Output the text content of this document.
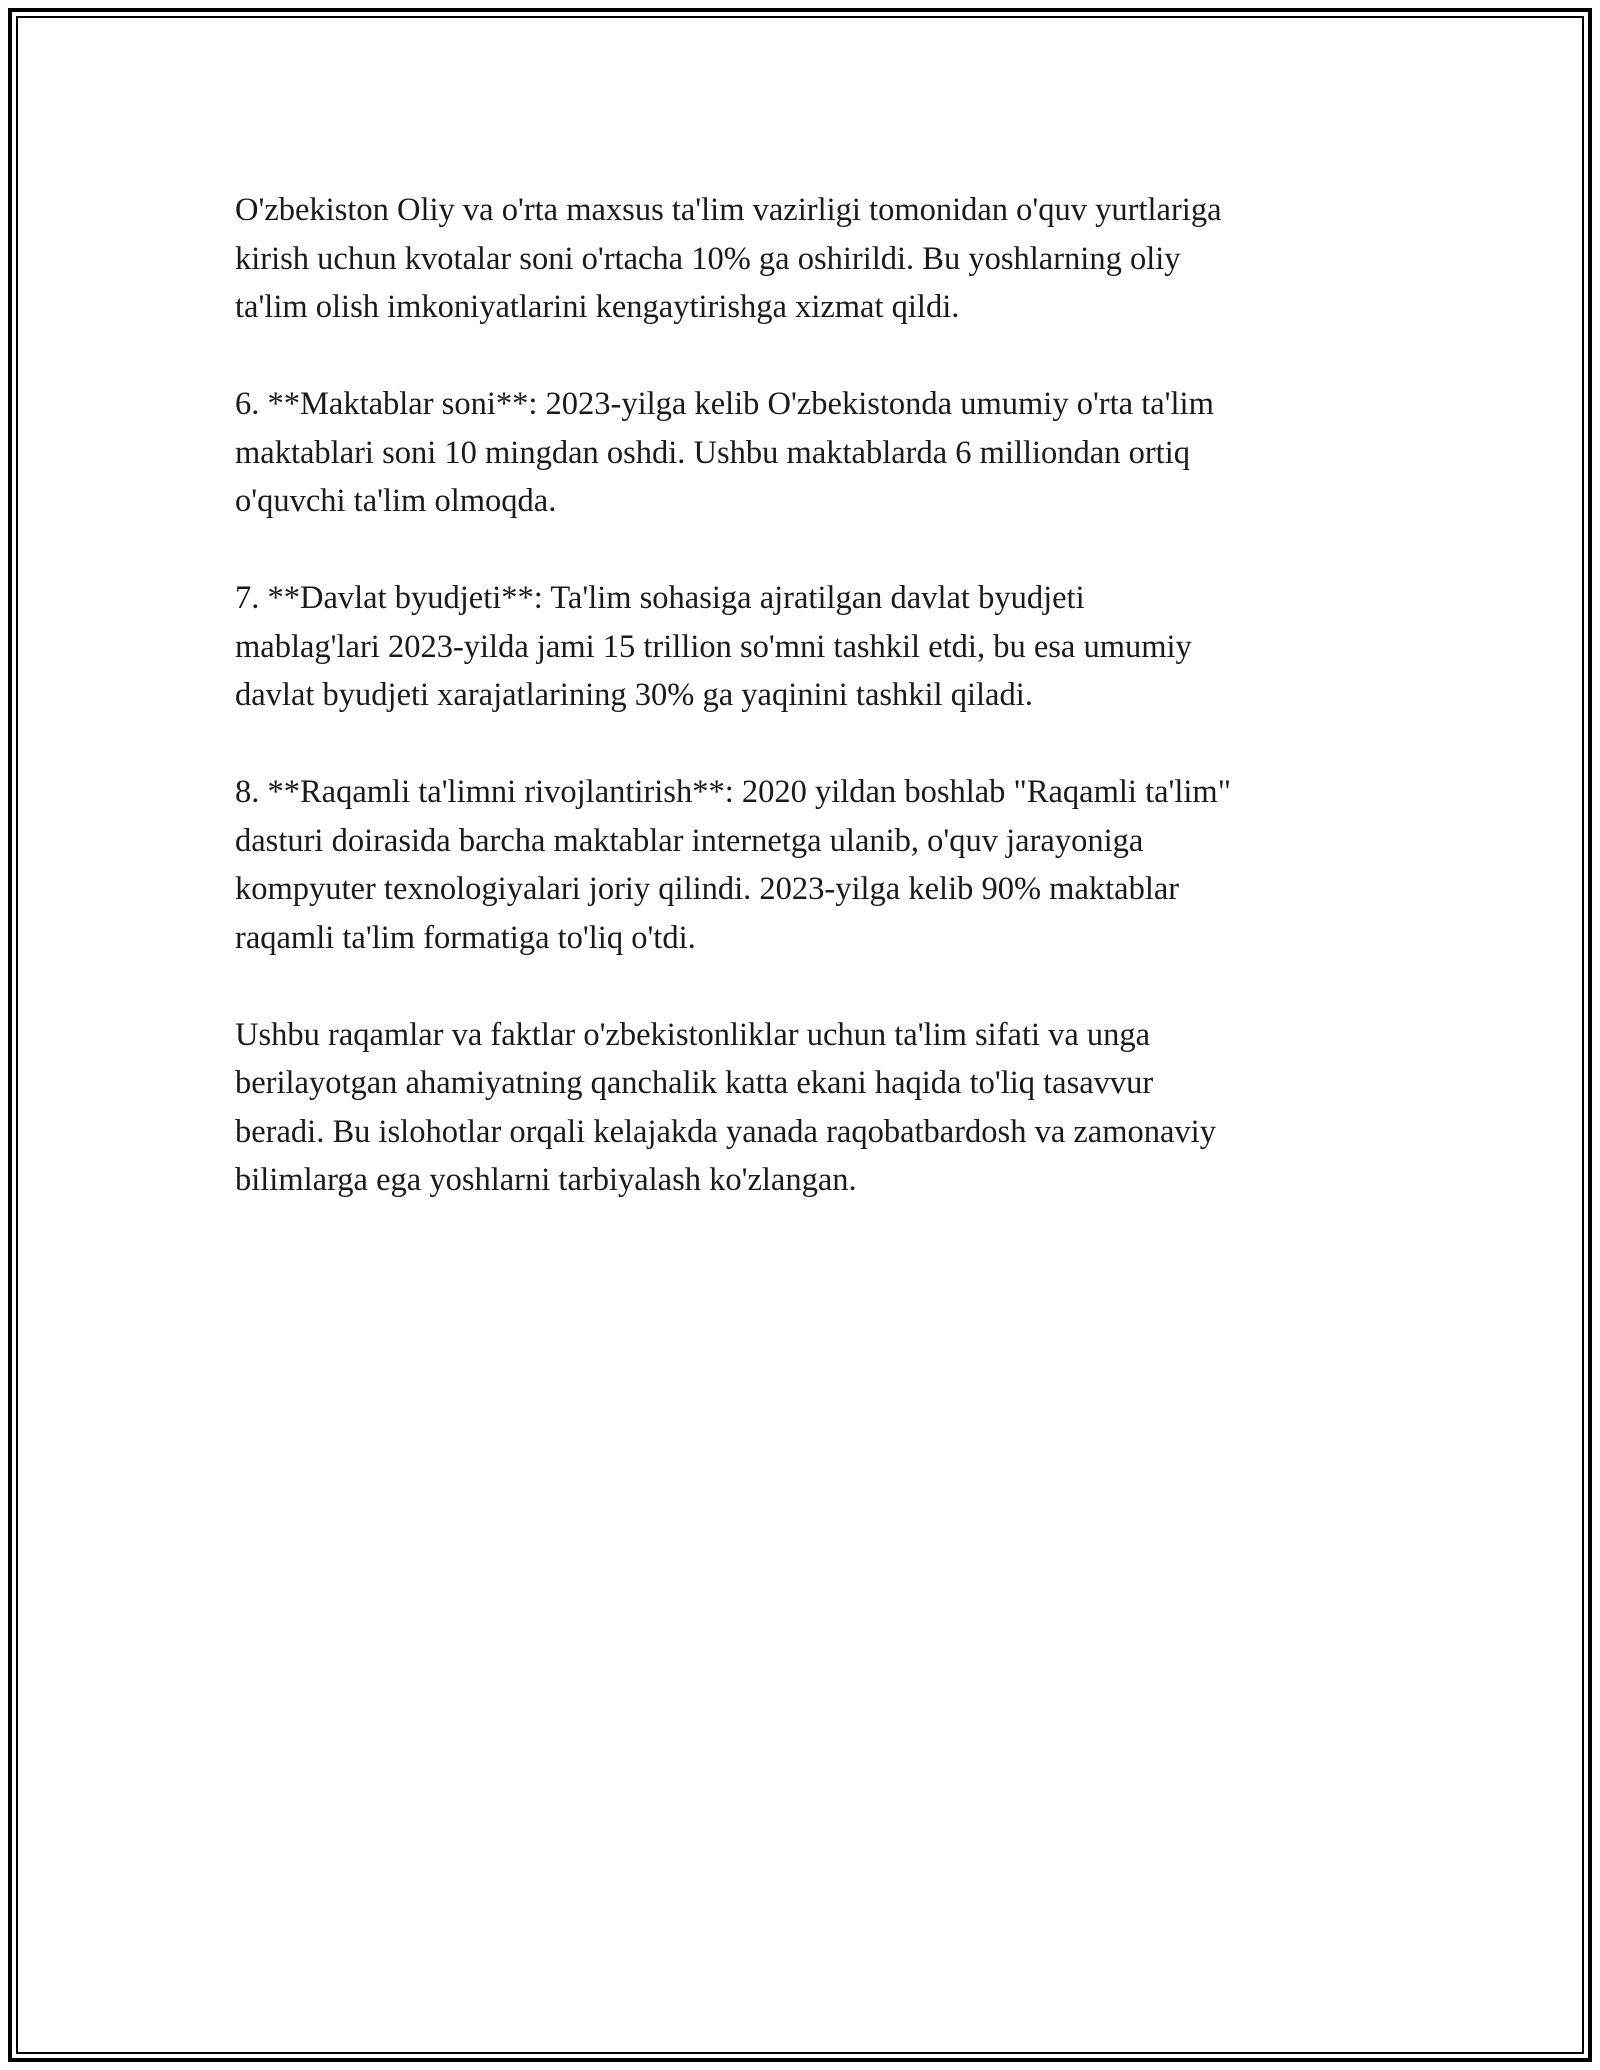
O'zbekiston Oliy va o'rta maxsus ta'lim vazirligi tomonidan o'quv yurtlariga
kirish uchun kvotalar soni o'rtacha 10% ga oshirildi. Bu yoshlarning oliy
ta'lim olish imkoniyatlarini kengaytirishga xizmat qildi.

6. **Maktablar soni**: 2023-yilga kelib O'zbekistonda umumiy o'rta ta'lim
maktablari soni 10 mingdan oshdi. Ushbu maktablarda 6 milliondan ortiq
o'quvchi ta'lim olmoqda.

7. **Davlat byudjeti**: Ta'lim sohasiga ajratilgan davlat byudjeti
mablag'lari 2023-yilda jami 15 trillion so'mni tashkil etdi, bu esa umumiy
davlat byudjeti xarajatlarining 30% ga yaqinini tashkil qiladi.

8. **Raqamli ta'limni rivojlantirish**: 2020 yildan boshlab "Raqamli ta'lim"
dasturi doirasida barcha maktablar internetga ulanib, o'quv jarayoniga
kompyuter texnologiyalari joriy qilindi. 2023-yilga kelib 90% maktablar
raqamli ta'lim formatiga to'liq o'tdi.

Ushbu raqamlar va faktlar o'zbekistonliklar uchun ta'lim sifati va unga
berilayotgan ahamiyatning qanchalik katta ekani haqida to'liq tasavvur
beradi. Bu islohotlar orqali kelajakda yanada raqobatbardosh va zamonaviy
bilimlarga ega yoshlarni tarbiyalash ko'zlangan.
